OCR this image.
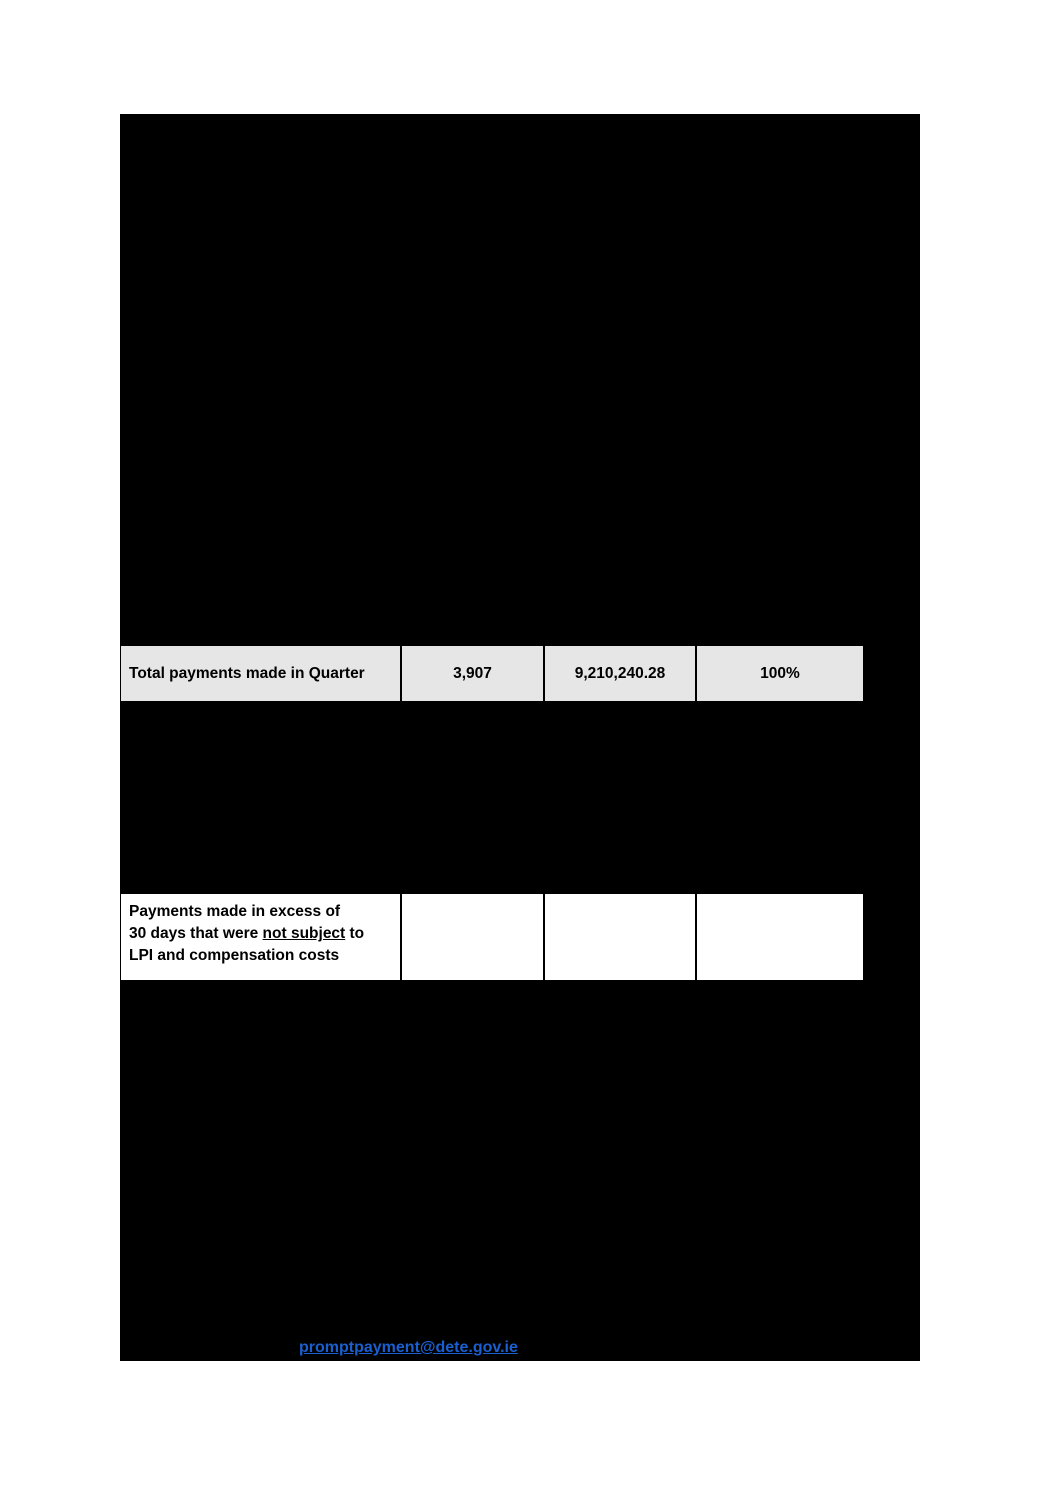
Total payments made in Quarter	3,907	9,210,240.28	100%
Payments made in excess of
30 days that were not subject to
LPI and compensation costs
promptpayment@dete.gov.ie
